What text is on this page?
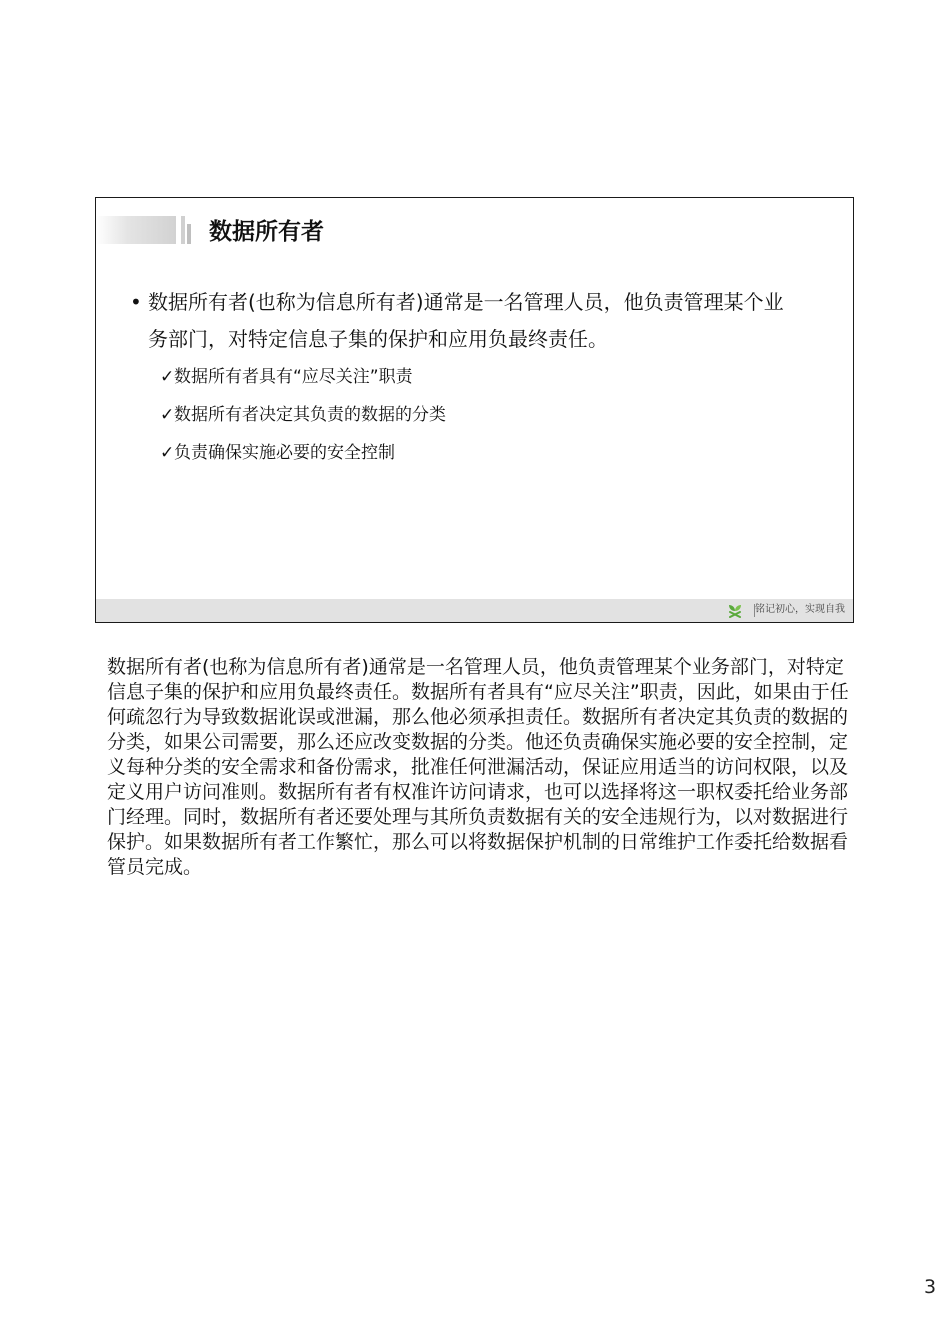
数据所有者
• 数据所有者(也称为信息所有者)通常是一名管理人员，他负责管理某个业务部门，对特定信息子集的保护和应用负最终责任。
✓数据所有者具有“应尽关注”职责
✓数据所有者决定其负责的数据的分类
✓负责确保实施必要的安全控制
铭记初心，实现自我
数据所有者(也称为信息所有者)通常是一名管理人员，他负责管理某个业务部门，对特定信息子集的保护和应用负最终责任。数据所有者具有“应尽关注”职责，因此，如果由于任何疏忽行为导致数据讹误或泄漏，那么他必须承担责任。数据所有者决定其负责的数据的分类，如果公司需要，那么还应改变数据的分类。他还负责确保实施必要的安全控制，定义每种分类的安全需求和备份需求，批准任何泄漏活动，保证应用适当的访问权限，以及定义用户访问准则。数据所有者有权准许访问请求，也可以选择将这一职权委托给业务部门经理。同时，数据所有者还要处理与其所负责数据有关的安全违规行为，以对数据进行保护。如果数据所有者工作繁忙，那么可以将数据保护机制的日常维护工作委托给数据看管员完成。
3
